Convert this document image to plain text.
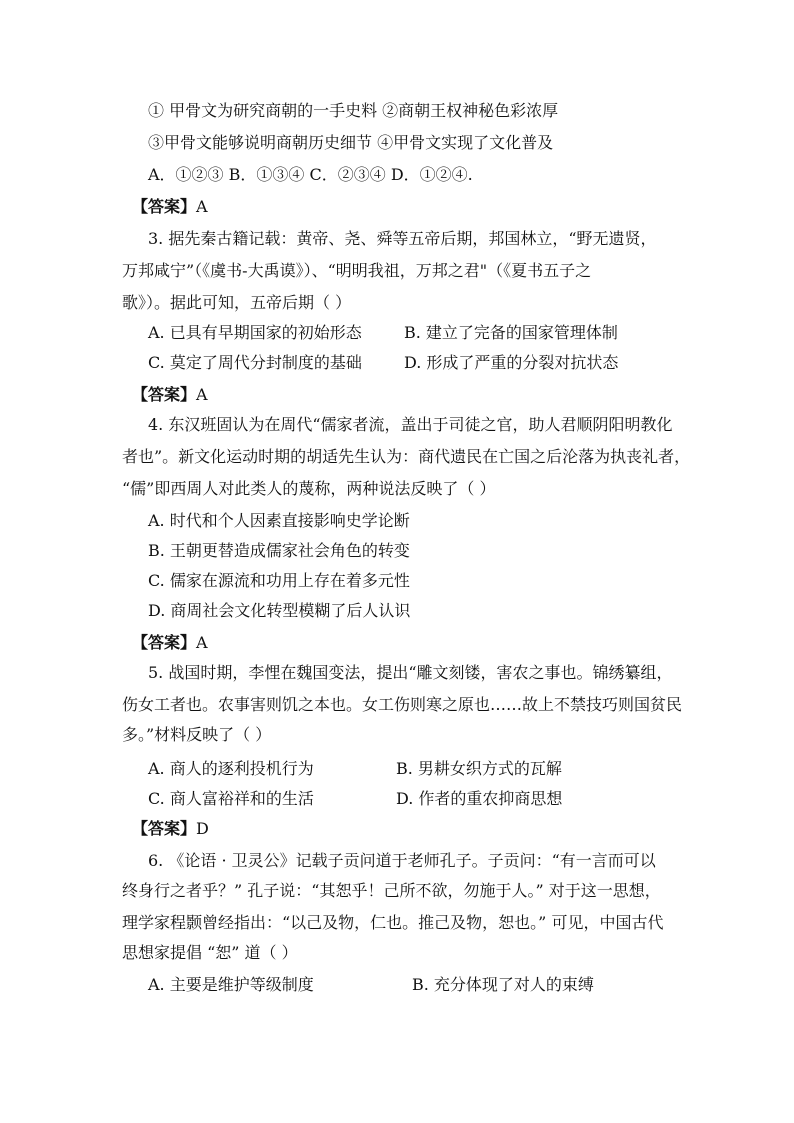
① 甲骨文为研究商朝的一手史料 ②商朝王权神秘色彩浓厚
③甲骨文能够说明商朝历史细节 ④甲骨文实现了文化普及
A．①②③ B．①③④ C．②③④ D．①②④.
【答案】A
3. 据先秦古籍记载：黄帝、尧、舜等五帝后期，邦国林立，“野无遗贤，
万邦咸宁”（《虞书-大禹谟》）、“明明我祖，万邦之君"（《夏书五子之
歌》）。据此可知，五帝后期（ ）
A. 已具有早期国家的初始形态	B. 建立了完备的国家管理体制
C. 莫定了周代分封制度的基础	D. 形成了严重的分裂对抗状态
【答案】A
4. 东汉班固认为在周代“儒家者流，盖出于司徒之官，助人君顺阴阳明教化
者也”。新文化运动时期的胡适先生认为：商代遗民在亡国之后沦落为执丧礼者，
“儒”即西周人对此类人的蔑称，两种说法反映了（ ）
A. 时代和个人因素直接影响史学论断
B. 王朝更替造成儒家社会角色的转变
C. 儒家在源流和功用上存在着多元性
D. 商周社会文化转型模糊了后人认识
【答案】A
5. 战国时期，李悝在魏国变法，提出“雕文刻镂，害农之事也。锦绣纂组，
伤女工者也。农事害则饥之本也。女工伤则寒之原也……故上不禁技巧则国贫民
多。”材料反映了（ ）
A. 商人的逐利投机行为	B. 男耕女织方式的瓦解
C. 商人富裕祥和的生活	D. 作者的重农抑商思想
【答案】D
6. 《论语 · 卫灵公》记载子贡问道于老师孔子。子贡问：“有一言而可以
终身行之者乎？” 孔子说：“其恕乎！己所不欲，勿施于人。” 对于这一思想，
理学家程颢曾经指出：“以己及物，仁也。推己及物，恕也。” 可见，中国古代
思想家提倡 “恕” 道（ ）
A. 主要是维护等级制度	B. 充分体现了对人的束缚
